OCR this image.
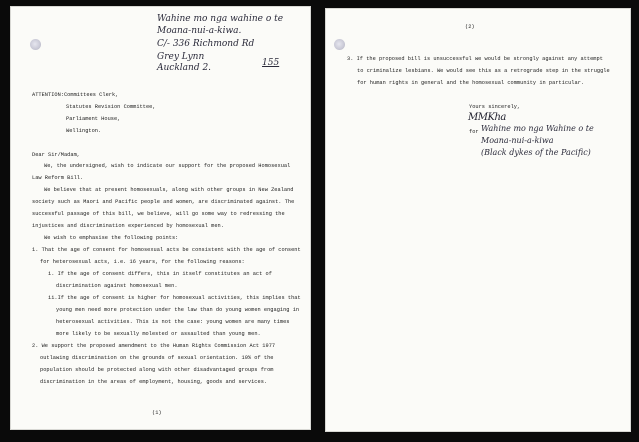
Wahine mo nga wahine o te
Moana-nui-a-kiwa.
C/- 336 Richmond Rd
Grey Lynn
Auckland 2.	155
ATTENTION:Committees Clerk,
Statutes Revision Committee,
Parliament House,
Wellington.
Dear Sir/Madam,
We, the undersigned, wish to indicate our support for the proposed Homosexual
Law Reform Bill.
We believe that at present homosexuals, along with other groups in New Zealand
society such as Maori and Pacific people and women, are discriminated against. The
successful passage of this bill, we believe, will go some way to redressing the
injustices and discrimination experienced by homosexual men.
We wish to emphasise the following points:
1. That the age of consent for homosexual acts be consistent with the age of consent
for heterosexual acts, i.e. 16 years, for the following reasons:
i. If the age of consent differs, this in itself constitutes an act of
discrimination against homosexual men.
ii.If the age of consent is higher for homosexual activities, this implies that
young men need more protection under the law than do young women engaging in
heterosexual activities. This is not the case: young women are many times
more likely to be sexually molested or assaulted than young men.
2. We support the proposed amendment to the Human Rights Commission Act 1977
outlawing discrimination on the grounds of sexual orientation. 10% of the
population should be protected along with other disadvantaged groups from
discrimination in the areas of employment, housing, goods and services.
(1)
(2)
3. If the proposed bill is unsuccessful we would be strongly against any attempt
to criminalize lesbians. We would see this as a retrograde step in the struggle
for human rights in general and the homosexual community in particular.
Yours sincerely,
MMKha
for Wahine mo nga Wahine o te
Moana-nui-a-kiwa
(Black dykes of the Pacific)
